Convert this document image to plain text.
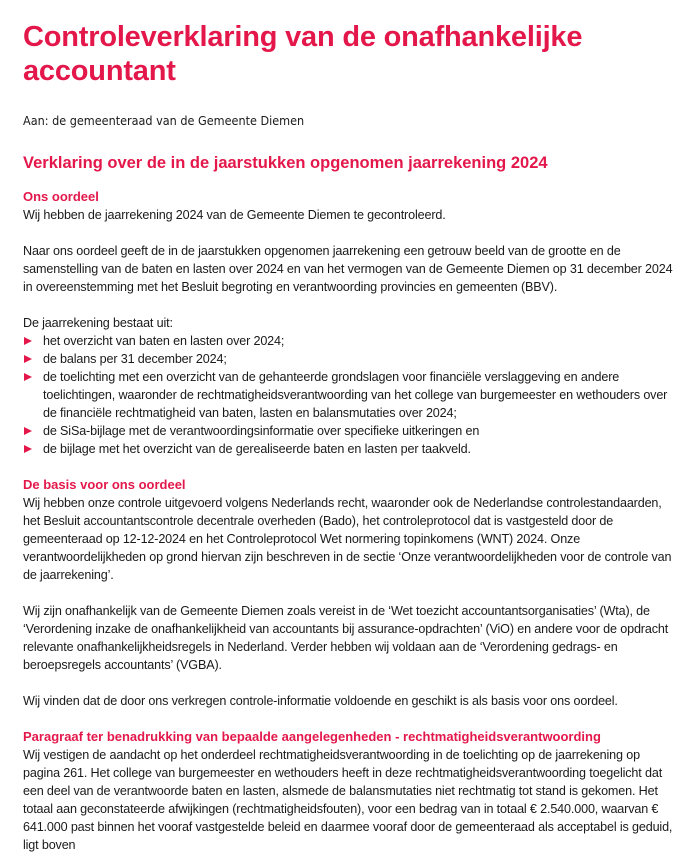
Controleverklaring van de onafhankelijke
accountant
Aan: de gemeenteraad van de Gemeente Diemen
Verklaring over de in de jaarstukken opgenomen jaarrekening 2024
Ons oordeel

Wij hebben de jaarrekening 2024 van de Gemeente Diemen te gecontroleerd.

Naar ons oordeel geeft de in de jaarstukken opgenomen jaarrekening een getrouw beeld van de grootte en de samenstelling van de baten en lasten over 2024 en van het vermogen van de Gemeente Diemen op 31 december 2024 in overeenstemming met het Besluit begroting en verantwoording provincies en gemeenten (BBV).

De jaarrekening bestaat uit:

het overzicht van baten en lasten over 2024;
de balans per 31 december 2024;
de toelichting met een overzicht van de gehanteerde grondslagen voor financiële verslaggeving en andere toelichtingen, waaronder de rechtmatigheidsverantwoording van het college van burgemeester en wethouders over de financiële rechtmatigheid van baten, lasten en balansmutaties over 2024;
de SiSa-bijlage met de verantwoordingsinformatie over specifieke uitkeringen en
de bijlage met het overzicht van de gerealiseerde baten en lasten per taakveld.
De basis voor ons oordeel

Wij hebben onze controle uitgevoerd volgens Nederlands recht, waaronder ook de Nederlandse controlestandaarden, het Besluit accountantscontrole decentrale overheden (Bado), het controleprotocol dat is vastgesteld door de gemeenteraad op 12-12-2024 en het Controleprotocol Wet normering topinkomens (WNT) 2024. Onze verantwoordelijkheden op grond hiervan zijn beschreven in de sectie ‘Onze verantwoordelijkheden voor de controle van de jaarrekening’.

Wij zijn onafhankelijk van de Gemeente Diemen zoals vereist in de ‘Wet toezicht accountantsorganisaties’ (Wta), de ‘Verordening inzake de onafhankelijkheid van accountants bij assurance-opdrachten’ (ViO) en andere voor de opdracht relevante onafhankelijkheidsregels in Nederland. Verder hebben wij voldaan aan de ‘Verordening gedrags- en beroepsregels accountants’ (VGBA).

Wij vinden dat de door ons verkregen controle-informatie voldoende en geschikt is als basis voor ons oordeel.

Paragraaf ter benadrukking van bepaalde aangelegenheden - rechtmatigheidsverantwoording

Wij vestigen de aandacht op het onderdeel rechtmatigheidsverantwoording in de toelichting op de jaarrekening op pagina 261. Het college van burgemeester en wethouders heeft in deze rechtmatigheidsverantwoording toegelicht dat een deel van de verantwoorde baten en lasten, alsmede de balansmutaties niet rechtmatig tot stand is gekomen. Het totaal aan geconstateerde afwijkingen (rechtmatigheidsfouten), voor een bedrag van in totaal € 2.540.000, waarvan € 641.000 past binnen het vooraf vastgestelde beleid en daarmee vooraf door de gemeenteraad als acceptabel is geduid, ligt boven
